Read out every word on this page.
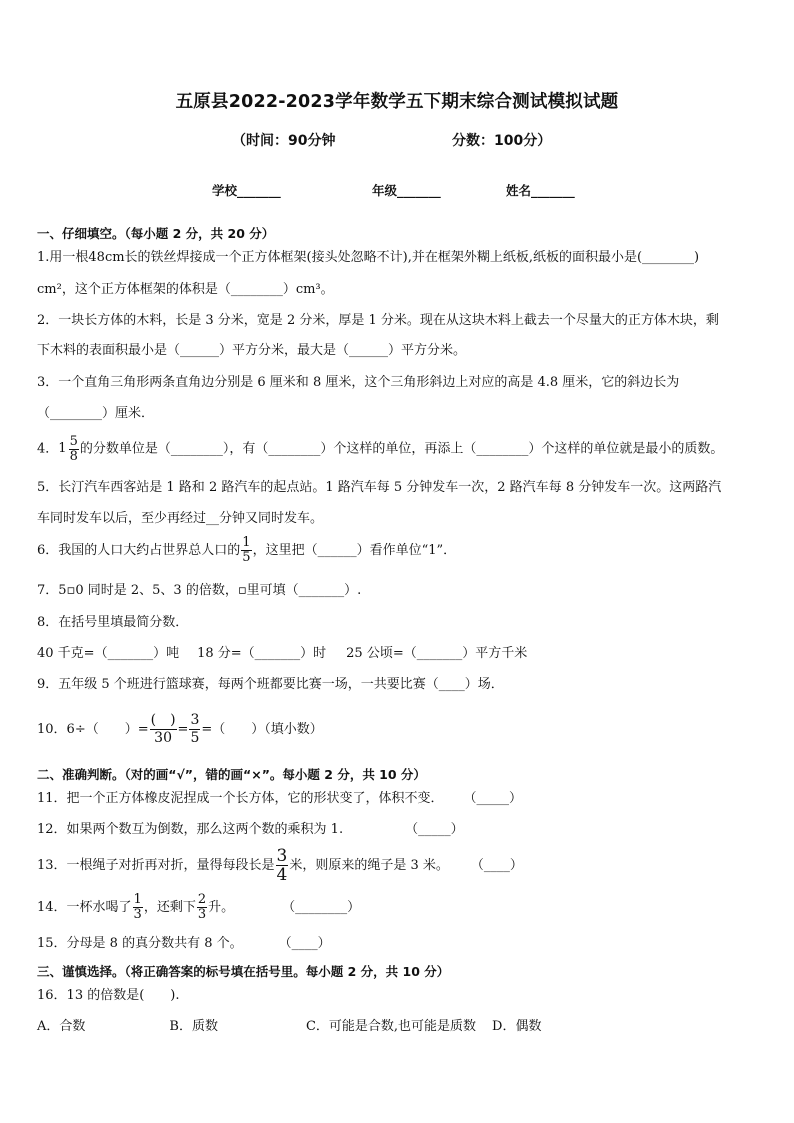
五原县2022-2023学年数学五下期末综合测试模拟试题
（时间：90分钟	分数：100分）
学校_______	年级_______	姓名_______
一、仔细填空。（每小题 2 分，共 20 分）
1.用一根48cm长的铁丝焊接成一个正方体框架(接头处忽略不计),并在框架外糊上纸板,纸板的面积最小是(________)
cm²，这个正方体框架的体积是（________）cm³。
2．一块长方体的木料，长是 3 分米，宽是 2 分米，厚是 1 分米。现在从这块木料上截去一个尽量大的正方体木块，剩
下木料的表面积最小是（______）平方分米，最大是（______）平方分米。
3．一个直角三角形两条直角边分别是 6 厘米和 8 厘米，这个三角形斜边上对应的高是 4.8 厘米，它的斜边长为
（________）厘米．
4． $1 \frac{5}{8}$ 的分数单位是（________），有（________）个这样的单位，再添上（________）个这样的单位就是最小的质数。
5．长汀汽车西客站是 1 路和 2 路汽车的起点站。1 路汽车每 5 分钟发车一次，2 路汽车每 8 分钟发车一次。这两路汽
车同时发车以后，至少再经过__分钟又同时发车。
6．我国的人口大约占世界总人口的 $\frac{1}{5}$ ，这里把（______）看作单位“1”．
7．5▫0 同时是 2、5、3 的倍数，▫里可填（_______）.
8．在括号里填最简分数．
40 千克=（_______）吨 18 分=（_______）时 25 公顷=（_______）平方千米
9．五年级 5 个班进行篮球赛，每两个班都要比赛一场，一共要比赛（____）场．
10．6÷（　　）= $\frac{( )}{30} = \frac{3}{5}$ =（　　）（填小数）
二、准确判断。（对的画“√”，错的画“×”。每小题 2 分，共 10 分）
11．把一个正方体橡皮泥捏成一个长方体，它的形状变了，体积不变． （_____）
12．如果两个数互为倒数，那么这两个数的乘积为 1.	（_____）
13．一根绳子对折再对折，量得每段长是 $\frac{3}{4}$ 米，则原来的绳子是 3 米。 （____）
14．一杯水喝了 $\frac{1}{3}$ ，还剩下 $\frac{2}{3}$ 升。	（________）
15．分母是 8 的真分数共有 8 个。	（____）
三、谨慎选择。（将正确答案的标号填在括号里。每小题 2 分，共 10 分）
16．13 的倍数是(　　).
A．合数	B．质数	C．可能是合数,也可能是质数 D．偶数
